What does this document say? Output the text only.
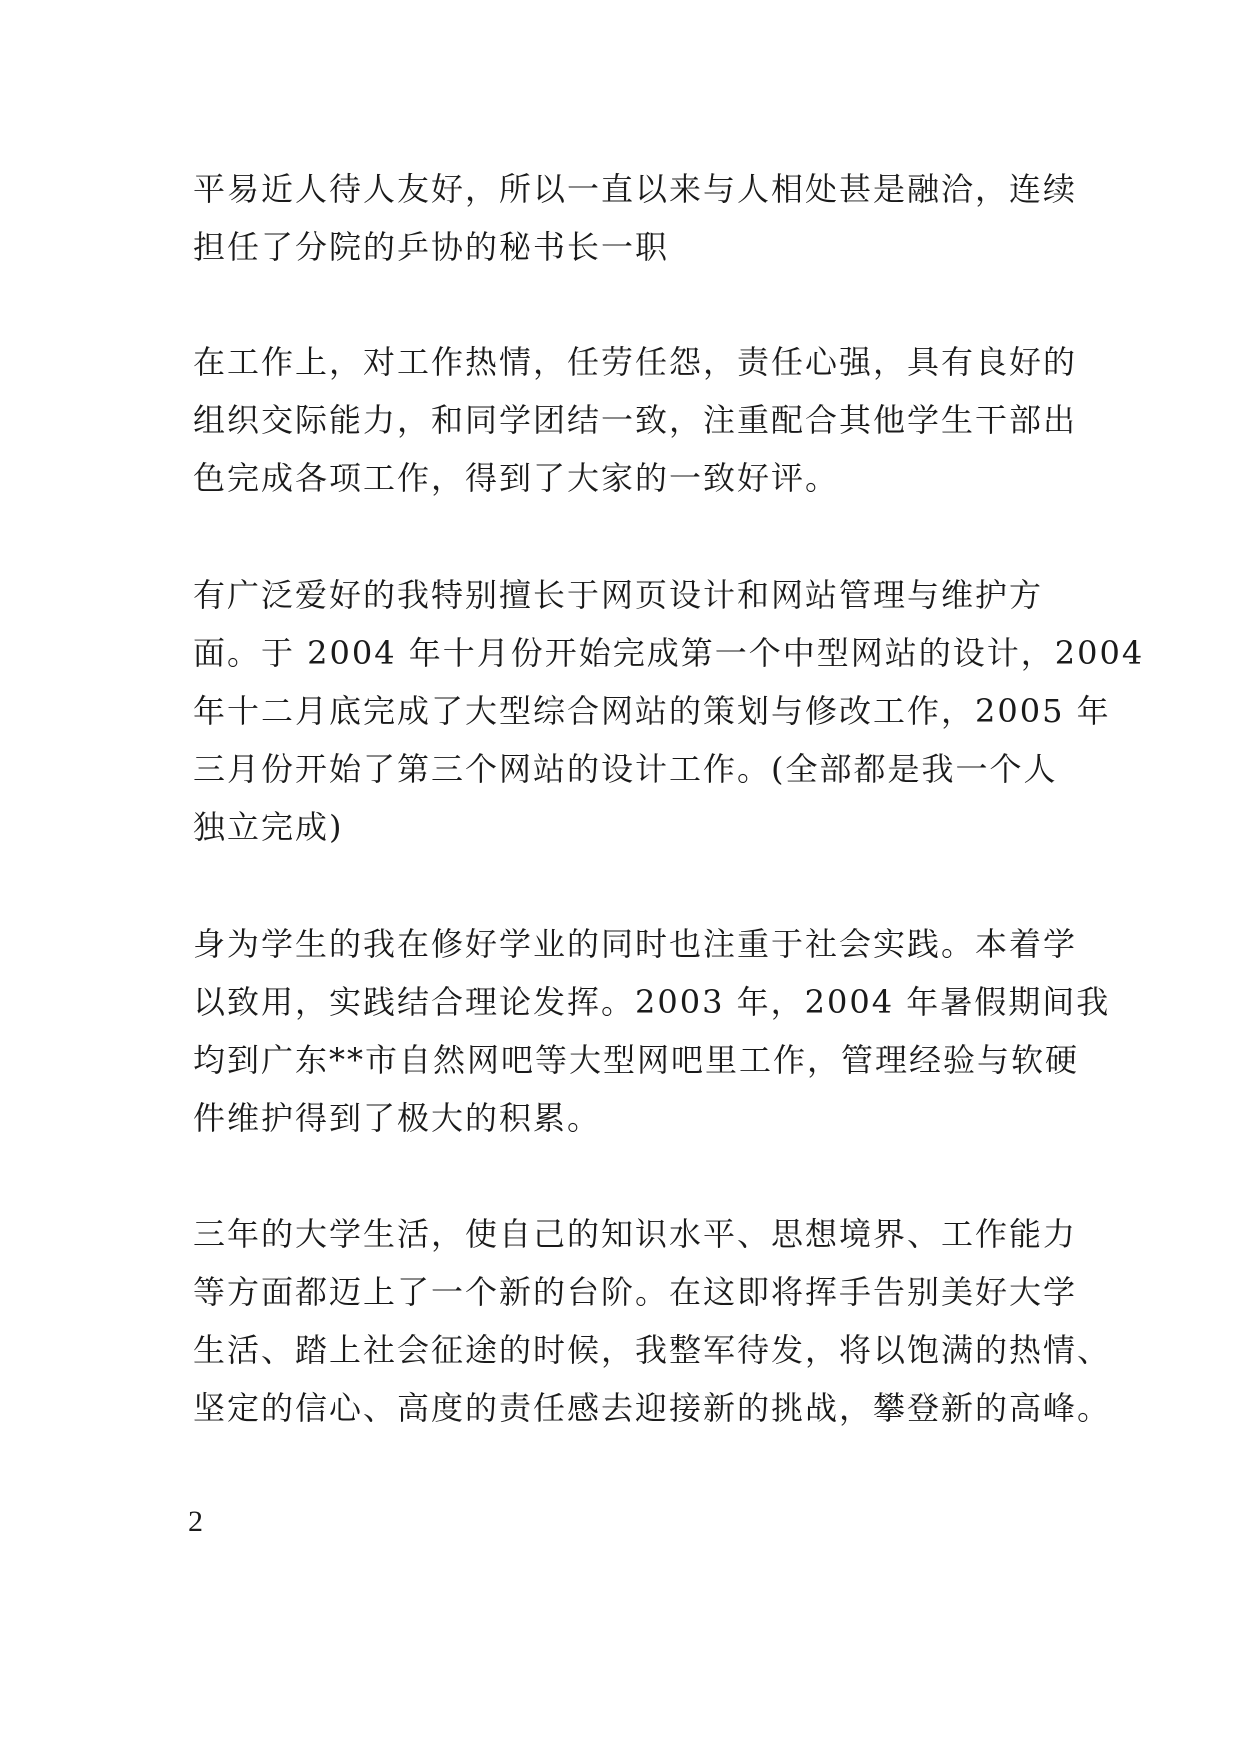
平易近人待人友好，所以一直以来与人相处甚是融洽，连续
担任了分院的乒协的秘书长一职
在工作上，对工作热情，任劳任怨，责任心强，具有良好的
组织交际能力，和同学团结一致，注重配合其他学生干部出
色完成各项工作，得到了大家的一致好评。
有广泛爱好的我特别擅长于网页设计和网站管理与维护方
面。于 2004 年十月份开始完成第一个中型网站的设计，2004
年十二月底完成了大型综合网站的策划与修改工作，2005 年
三月份开始了第三个网站的设计工作。(全部都是我一个人
独立完成)
身为学生的我在修好学业的同时也注重于社会实践。本着学
以致用，实践结合理论发挥。2003 年，2004 年暑假期间我
均到广东**市自然网吧等大型网吧里工作，管理经验与软硬
件维护得到了极大的积累。
三年的大学生活，使自己的知识水平、思想境界、工作能力
等方面都迈上了一个新的台阶。在这即将挥手告别美好大学
生活、踏上社会征途的时候，我整军待发，将以饱满的热情、
坚定的信心、高度的责任感去迎接新的挑战，攀登新的高峰。
2
